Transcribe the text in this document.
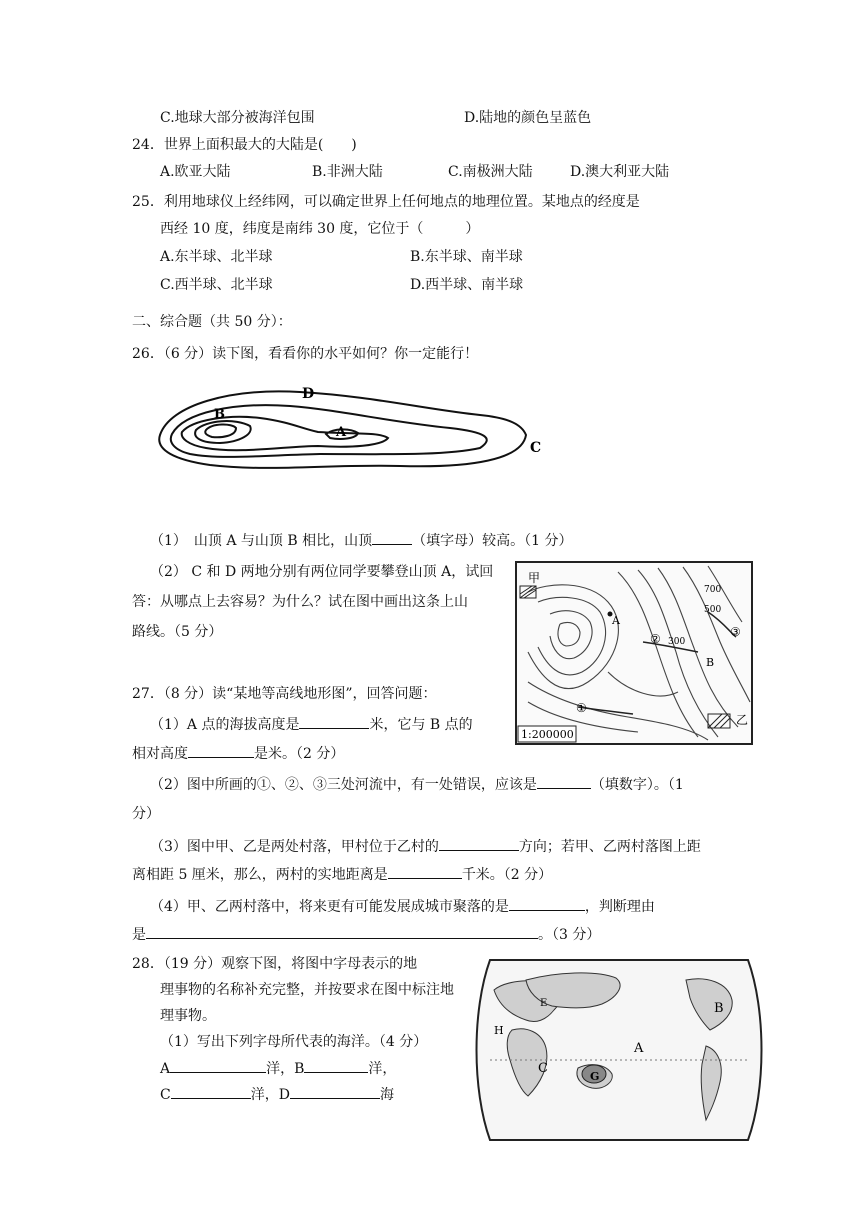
C.地球大部分被海洋包围	D.陆地的颜色呈蓝色
24．世界上面积最大的大陆是(　　)
A.欧亚大陆	B.非洲大陆	C.南极洲大陆	D.澳大利亚大陆
25．利用地球仪上经纬网，可以确定世界上任何地点的地理位置。某地点的经度是
西经 10 度，纬度是南纬 30 度，它位于（　　　）
A.东半球、北半球	B.东半球、南半球
C.西半球、北半球	D.西半球、南半球
二、综合题（共 50 分）：
26．（6 分）读下图，看看你的水平如何？你一定能行！
D
B
A
C
（1）　山顶 A 与山顶 B 相比，山顶	（填字母）较高。（1 分）
（2） C 和 D 两地分别有两位同学要攀登山顶 A，试回
答：从哪点上去容易？为什么？试在图中画出这条上山
路线。（5 分）
A
甲
乙
B
②	③
①
700
500
300
1:200000
27．（8 分）读“某地等高线地形图”，回答问题：
（1）A 点的海拔高度是	米，它与 B 点的
相对高度	是米。（2 分）
（2）图中所画的①、②、③三处河流中，有一处错误，应该是	（填数字）。（1
分）
（3）图中甲、乙是两处村落，甲村位于乙村的	方向；若甲、乙两村落图上距
离相距 5 厘米，那么，两村的实地距离是	千米。（2 分）
（4）甲、乙两村落中，将来更有可能发展成城市聚落的是	，判断理由
是	。（3 分）
A
B
C
G
H
E
28．（19 分）观察下图，将图中字母表示的地
理事物的名称补充完整，并按要求在图中标注地
理事物。
（1）写出下列字母所代表的海洋。（4 分）
A	洋，B	洋，
C	洋，D	海
